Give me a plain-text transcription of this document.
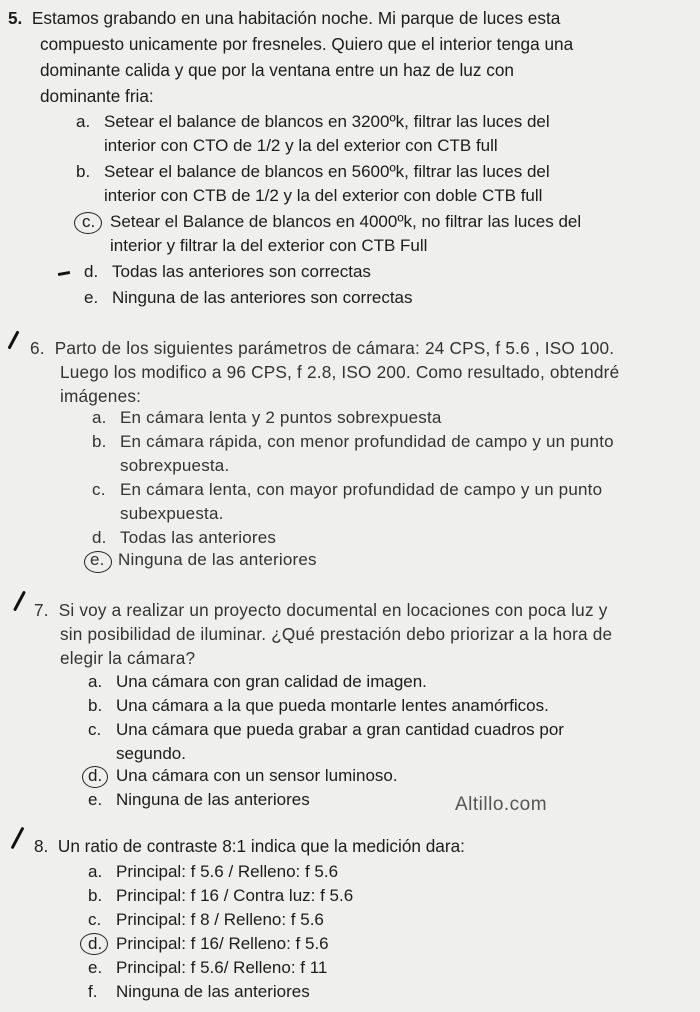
5. Estamos grabando en una habitación noche. Mi parque de luces esta
compuesto unicamente por fresneles. Quiero que el interior tenga una
dominante calida y que por la ventana entre un haz de luz con
dominante fria:
a. Setear el balance de blancos en 3200ºk, filtrar las luces del
interior con CTO de 1/2 y la del exterior con CTB full
b. Setear el balance de blancos en 5600ºk, filtrar las luces del
interior con CTB de 1/2 y la del exterior con doble CTB full
c. Setear el Balance de blancos en 4000ºk, no filtrar las luces del
interior y filtrar la del exterior con CTB Full
d. Todas las anteriores son correctas
e. Ninguna de las anteriores son correctas
6. Parto de los siguientes parámetros de cámara: 24 CPS, f 5.6 , ISO 100.
Luego los modifico a 96 CPS, f 2.8, ISO 200. Como resultado, obtendré
imágenes:
a. En cámara lenta y 2 puntos sobrexpuesta
b. En cámara rápida, con menor profundidad de campo y un punto
sobrexpuesta.
c. En cámara lenta, con mayor profundidad de campo y un punto
subexpuesta.
d. Todas las anteriores
e. Ninguna de las anteriores
7. Si voy a realizar un proyecto documental en locaciones con poca luz y
sin posibilidad de iluminar. ¿Qué prestación debo priorizar a la hora de
elegir la cámara?
a. Una cámara con gran calidad de imagen.
b. Una cámara a la que pueda montarle lentes anamórficos.
c. Una cámara que pueda grabar a gran cantidad cuadros por
segundo.
d. Una cámara con un sensor luminoso.
e. Ninguna de las anteriores	Altillo.com
8. Un ratio de contraste 8:1 indica que la medición dara:
a. Principal: f 5.6 / Relleno: f 5.6
b. Principal: f 16 / Contra luz: f 5.6
c. Principal: f 8 / Relleno: f 5.6
d. Principal: f 16/ Relleno: f 5.6
e. Principal: f 5.6/ Relleno: f 11
f. Ninguna de las anteriores
